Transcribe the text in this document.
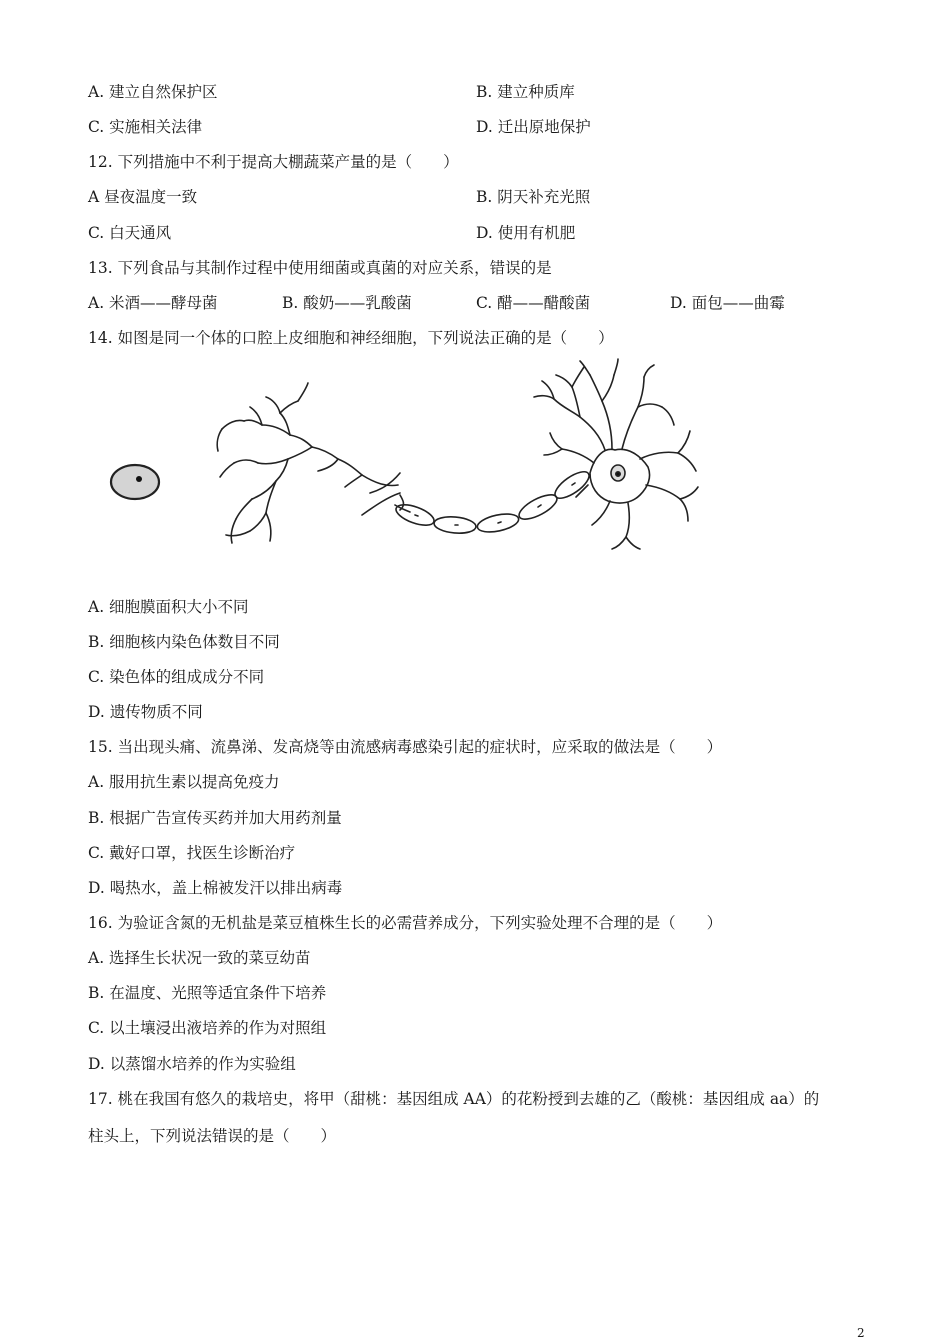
A. 建立自然保护区	B. 建立种质库
C. 实施相关法律	D. 迁出原地保护
12. 下列措施中不利于提高大棚蔬菜产量的是（　　）
A 昼夜温度一致	B. 阴天补充光照
C. 白天通风	D. 使用有机肥
13. 下列食品与其制作过程中使用细菌或真菌的对应关系，错误的是
A. 米酒——酵母菌	B. 酸奶——乳酸菌	C. 醋——醋酸菌	D. 面包——曲霉
14. 如图是同一个体的口腔上皮细胞和神经细胞，下列说法正确的是（　　）
A. 细胞膜面积大小不同
B. 细胞核内染色体数目不同
C. 染色体的组成成分不同
D. 遗传物质不同
15. 当出现头痛、流鼻涕、发高烧等由流感病毒感染引起的症状时，应采取的做法是（　　）
A. 服用抗生素以提高免疫力
B. 根据广告宣传买药并加大用药剂量
C. 戴好口罩，找医生诊断治疗
D. 喝热水，盖上棉被发汗以排出病毒
16. 为验证含氮的无机盐是菜豆植株生长的必需营养成分，下列实验处理不合理的是（　　）
A. 选择生长状况一致的菜豆幼苗
B. 在温度、光照等适宜条件下培养
C. 以土壤浸出液培养的作为对照组
D. 以蒸馏水培养的作为实验组
17. 桃在我国有悠久的栽培史，将甲（甜桃：基因组成 AA）的花粉授到去雄的乙（酸桃：基因组成 aa）的
柱头上，下列说法错误的是（　　）
2
